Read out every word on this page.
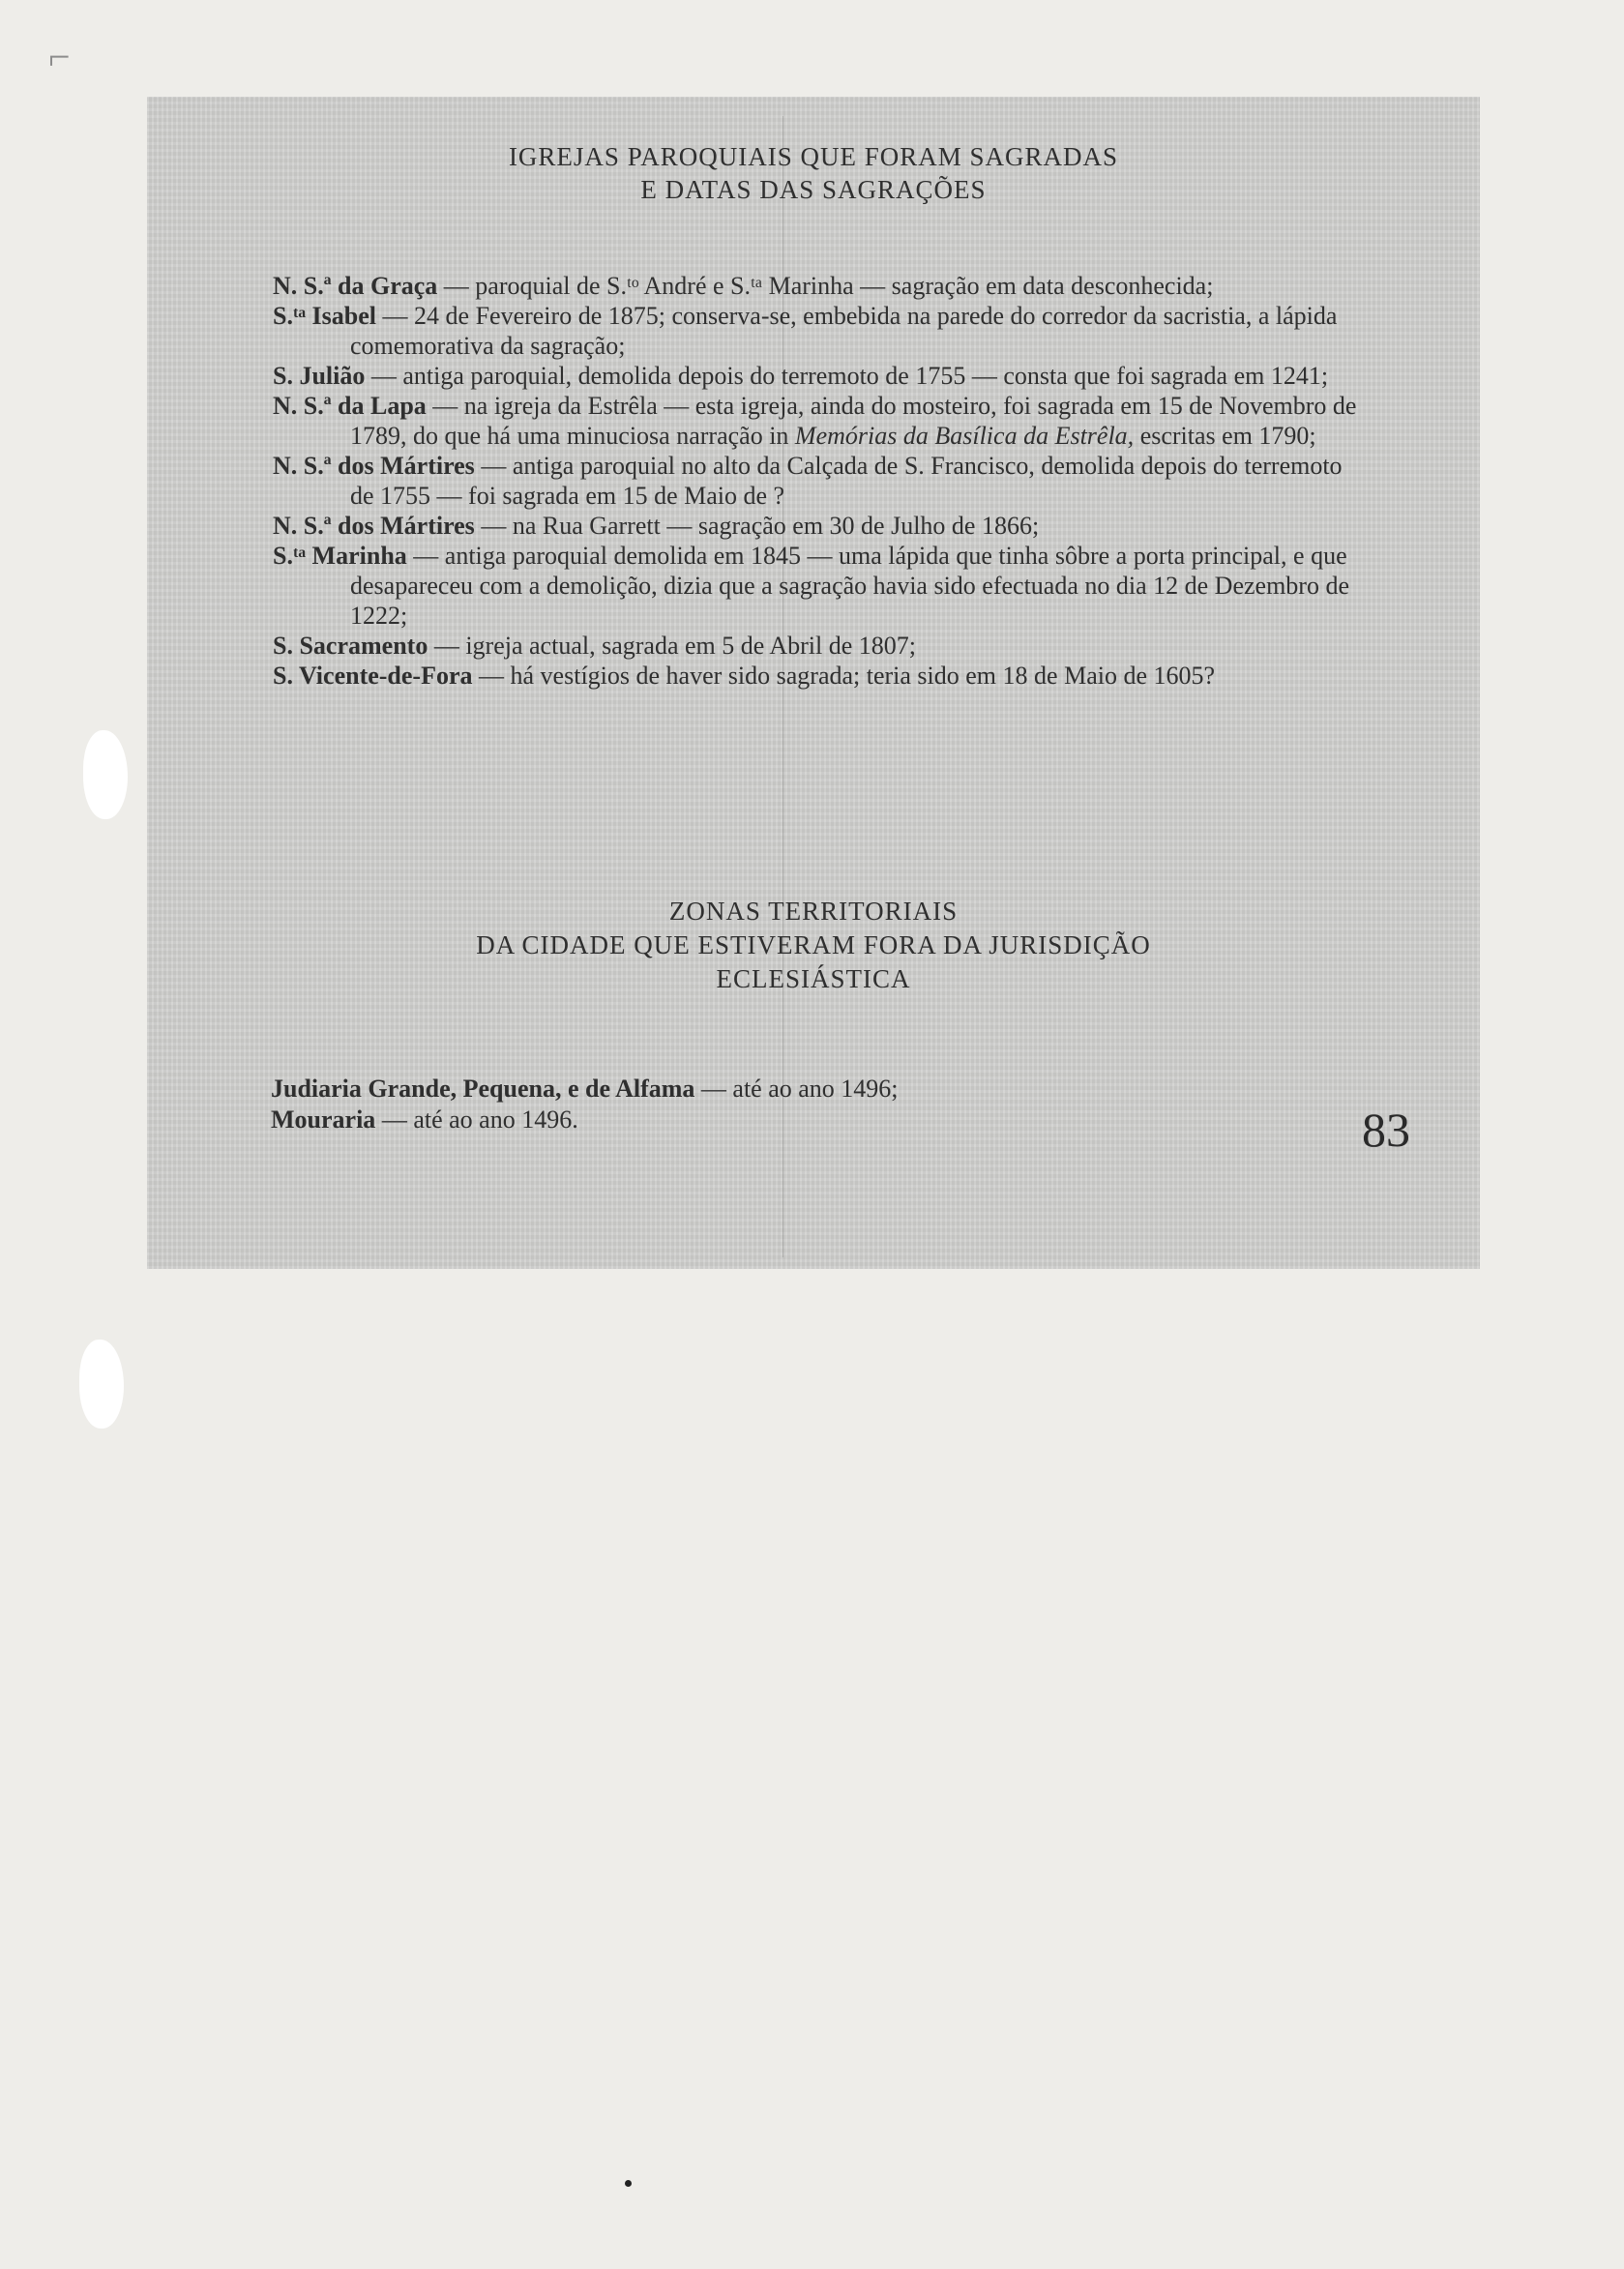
⌐
IGREJAS PAROQUIAIS QUE FORAM SAGRADAS
E DATAS DAS SAGRAÇÕES
N. S.ª da Graça — paroquial de S.ᵗᵒ André e S.ᵗᵃ Marinha — sagração em data desconhecida;
S.ᵗᵃ Isabel — 24 de Fevereiro de 1875; conserva-se, embebida na parede do corredor da sacristia, a lápida comemorativa da sagração;
S. Julião — antiga paroquial, demolida depois do terremoto de 1755 — consta que foi sagrada em 1241;
N. S.ª da Lapa — na igreja da Estrêla — esta igreja, ainda do mosteiro, foi sagrada em 15 de Novembro de 1789, do que há uma minuciosa narração in Memórias da Basílica da Estrêla, escritas em 1790;
N. S.ª dos Mártires — antiga paroquial no alto da Calçada de S. Francisco, demolida depois do terremoto de 1755 — foi sagrada em 15 de Maio de ?
N. S.ª dos Mártires — na Rua Garrett — sagração em 30 de Julho de 1866;
S.ᵗᵃ Marinha — antiga paroquial demolida em 1845 — uma lápida que tinha sôbre a porta principal, e que desapareceu com a demolição, dizia que a sagração havia sido efectuada no dia 12 de Dezembro de 1222;
S. Sacramento — igreja actual, sagrada em 5 de Abril de 1807;
S. Vicente-de-Fora — há vestígios de haver sido sagrada; teria sido em 18 de Maio de 1605?
ZONAS TERRITORIAIS
DA CIDADE QUE ESTIVERAM FORA DA JURISDIÇÃO
ECLESIÁSTICA
Judiaria Grande, Pequena, e de Alfama — até ao ano 1496;
Mouraria — até ao ano 1496.	83
